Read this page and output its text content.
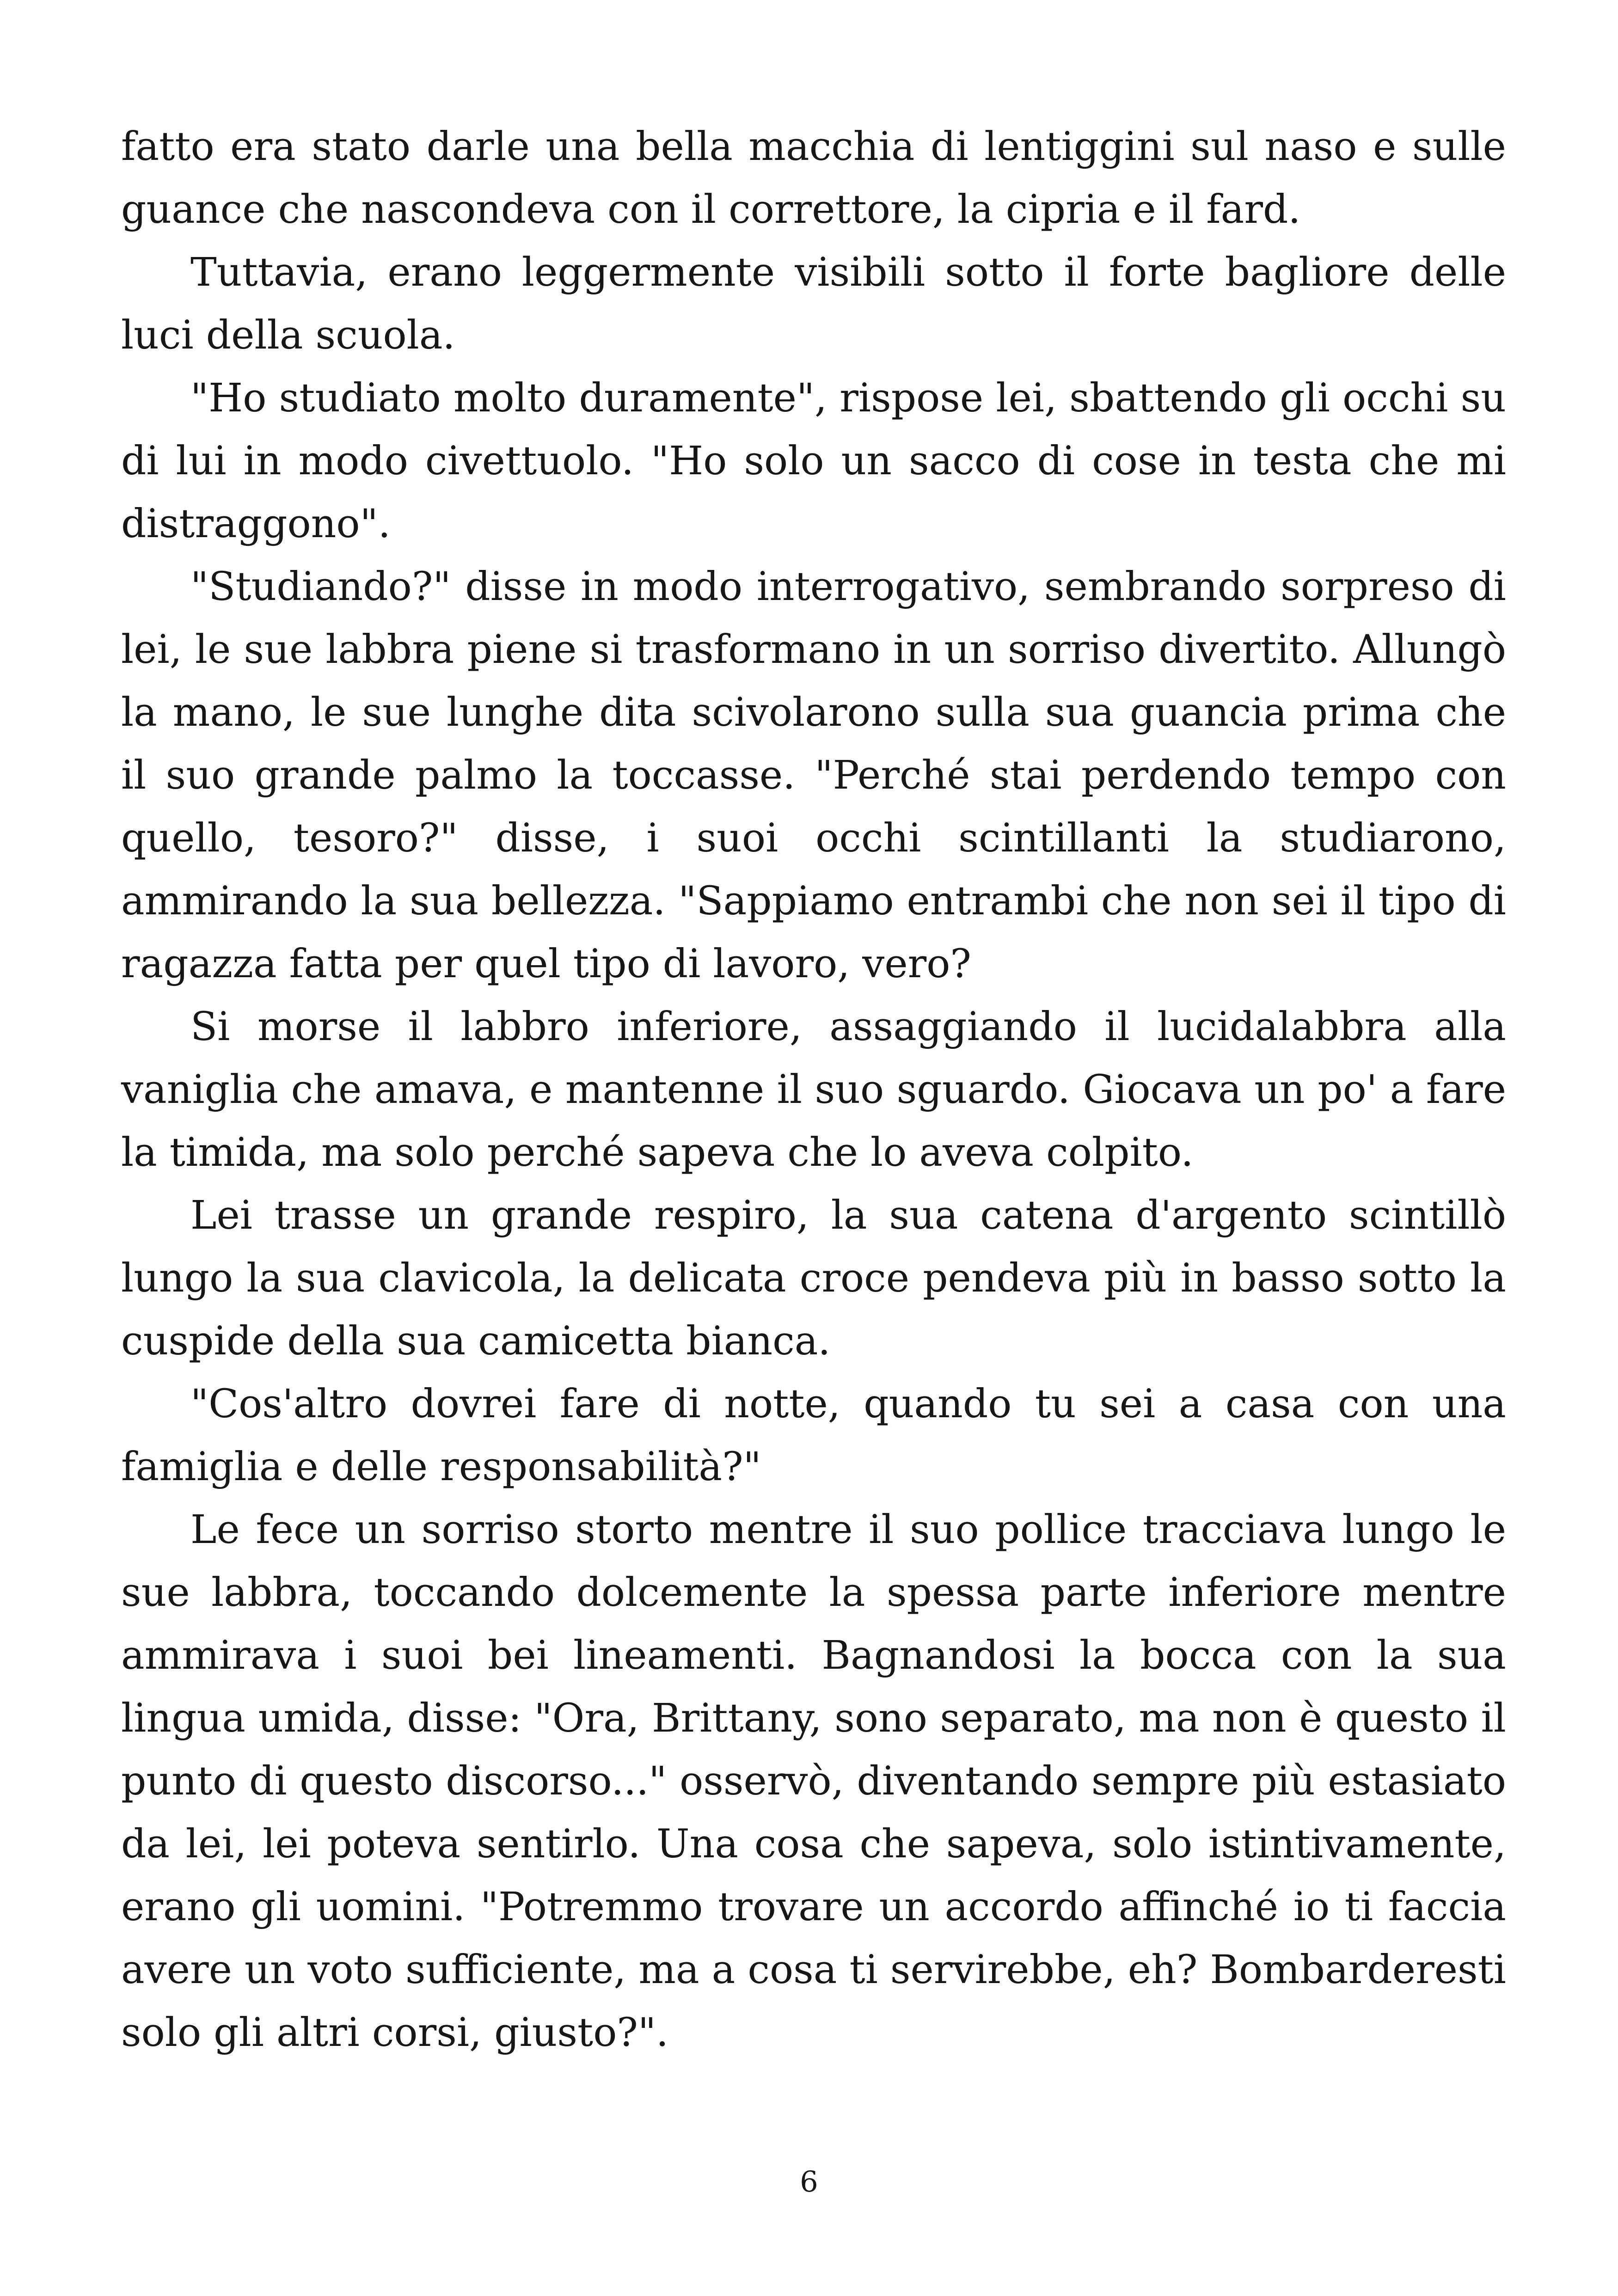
fatto era stato darle una bella macchia di lentiggini sul naso e sulle guance che nascondeva con il correttore, la cipria e il fard.

Tuttavia, erano leggermente visibili sotto il forte bagliore delle luci della scuola.

"Ho studiato molto duramente", rispose lei, sbattendo gli occhi su di lui in modo civettuolo. "Ho solo un sacco di cose in testa che mi distraggono".

"Studiando?" disse in modo interrogativo, sembrando sorpreso di lei, le sue labbra piene si trasformano in un sorriso divertito. Allungò la mano, le sue lunghe dita scivolarono sulla sua guancia prima che il suo grande palmo la toccasse. "Perché stai perdendo tempo con quello, tesoro?" disse, i suoi occhi scintillanti la studiarono, ammirando la sua bellezza. "Sappiamo entrambi che non sei il tipo di ragazza fatta per quel tipo di lavoro, vero?

Si morse il labbro inferiore, assaggiando il lucidalabbra alla vaniglia che amava, e mantenne il suo sguardo. Giocava un po' a fare la timida, ma solo perché sapeva che lo aveva colpito.

Lei trasse un grande respiro, la sua catena d'argento scintillò lungo la sua clavicola, la delicata croce pendeva più in basso sotto la cuspide della sua camicetta bianca.

"Cos'altro dovrei fare di notte, quando tu sei a casa con una famiglia e delle responsabilità?"

Le fece un sorriso storto mentre il suo pollice tracciava lungo le sue labbra, toccando dolcemente la spessa parte inferiore mentre ammirava i suoi bei lineamenti. Bagnandosi la bocca con la sua lingua umida, disse: "Ora, Brittany, sono separato, ma non è questo il punto di questo discorso..." osservò, diventando sempre più estasiato da lei, lei poteva sentirlo. Una cosa che sapeva, solo istintivamente, erano gli uomini. "Potremmo trovare un accordo affinché io ti faccia avere un voto sufficiente, ma a cosa ti servirebbe, eh? Bombarderesti solo gli altri corsi, giusto?".

6
